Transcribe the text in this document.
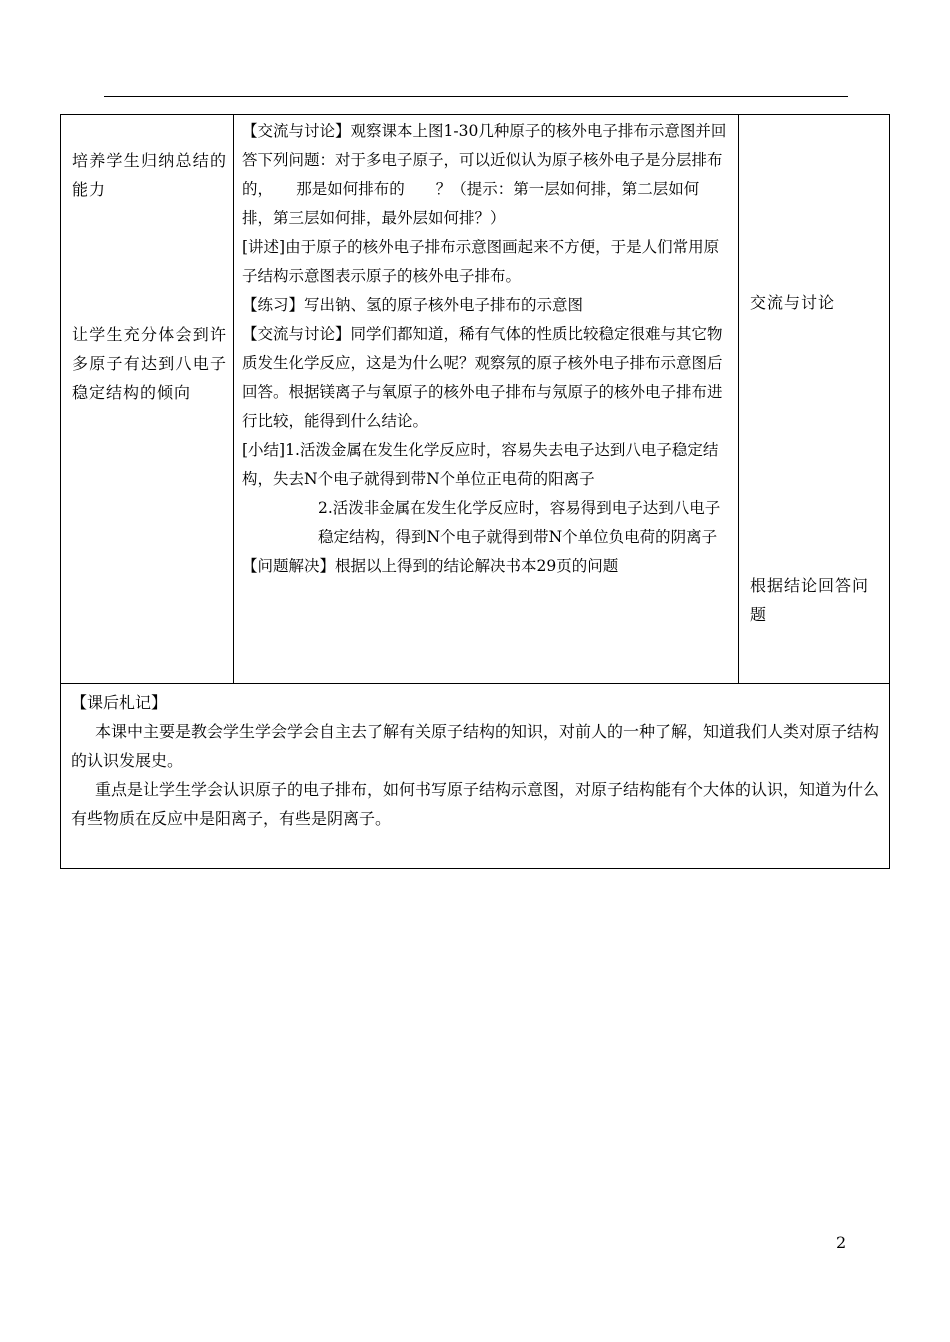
培养学生归纳总结的能力
让学生充分体会到许多原子有达到八电子稳定结构的倾向

【交流与讨论】观察课本上图1-30几种原子的核外电子排布示意图并回答下列问题：对于多电子原子，可以近似认为原子核外电子是分层排布的，　　那是如何排布的　　？（提示：第一层如何排，第二层如何排，第三层如何排，最外层如何排？）

[讲述]由于原子的核外电子排布示意图画起来不方便，于是人们常用原子结构示意图表示原子的核外电子排布。

【练习】写出钠、氢的原子核外电子排布的示意图

【交流与讨论】同学们都知道，稀有气体的性质比较稳定很难与其它物质发生化学反应，这是为什么呢？观察氖的原子核外电子排布示意图后回答。根据镁离子与氧原子的核外电子排布与氖原子的核外电子排布进行比较，能得到什么结论。

[小结]1.活泼金属在发生化学反应时，容易失去电子达到八电子稳定结构，失去N个电子就得到带N个单位正电荷的阳离子

2.活泼非金属在发生化学反应时，容易得到电子达到八电子稳定结构，得到N个电子就得到带N个单位负电荷的阴离子

【问题解决】根据以上得到的结论解决书本29页的问题

交流与讨论
根据结论回答问题

【课后札记】

本课中主要是教会学生学会学会自主去了解有关原子结构的知识，对前人的一种了解，知道我们人类对原子结构的认识发展史。

重点是让学生学会认识原子的电子排布，如何书写原子结构示意图，对原子结构能有个大体的认识，知道为什么有些物质在反应中是阳离子，有些是阴离子。

2
